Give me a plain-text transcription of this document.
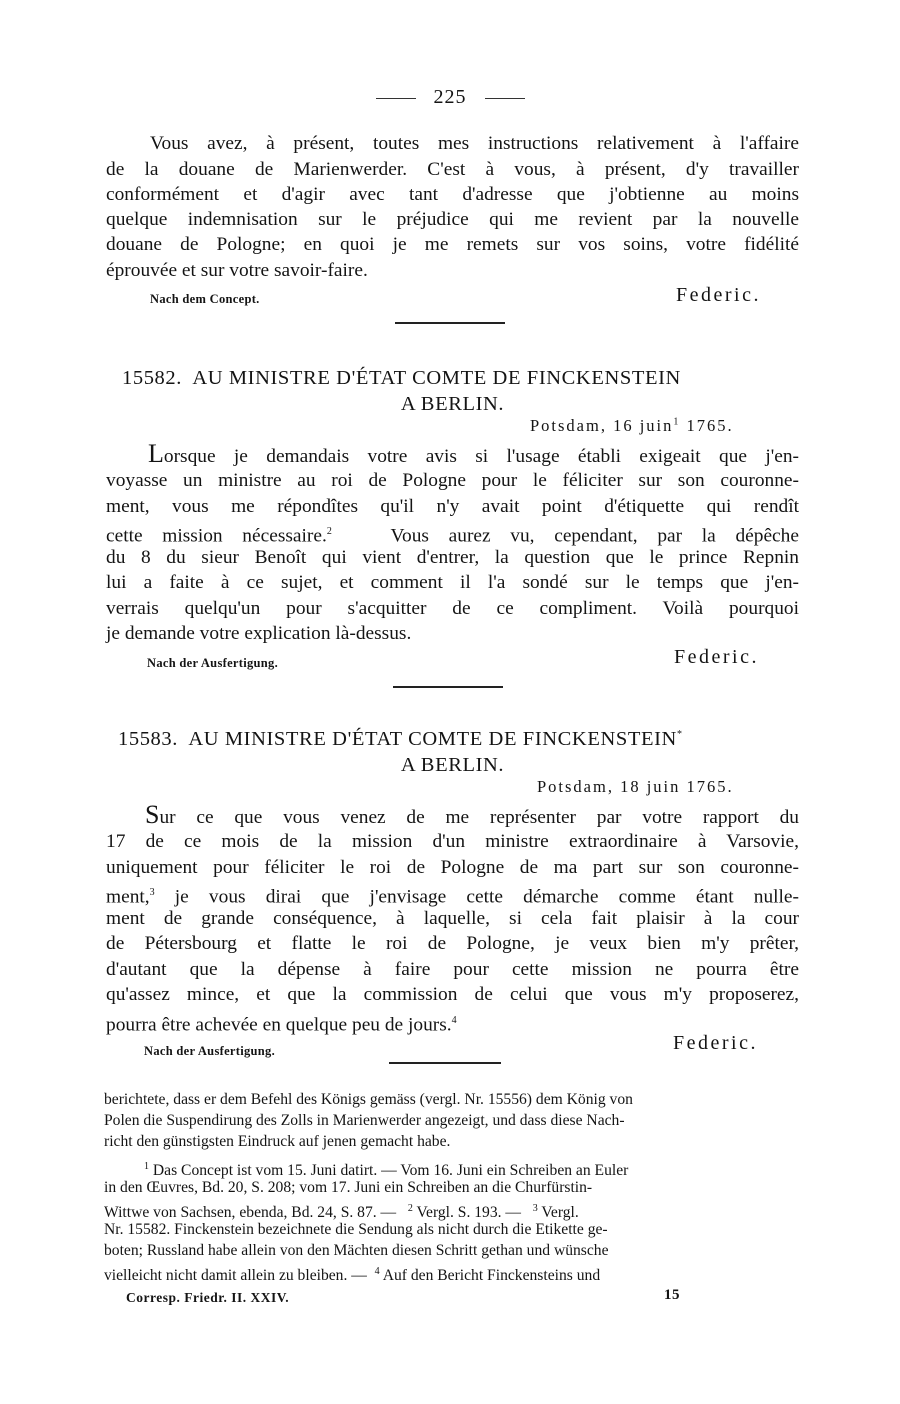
225
Vous avez, à présent, toutes mes instructions relativement à l'affaire
de la douane de Marienwerder. C'est à vous, à présent, d'y travailler
conformément et d'agir avec tant d'adresse que j'obtienne au moins
quelque indemnisation sur le préjudice qui me revient par la nouvelle
douane de Pologne; en quoi je me remets sur vos soins, votre fidélité
éprouvée et sur votre savoir-faire.
Nach dem Concept.	Federic.
15582. AU MINISTRE D'ÉTAT COMTE DE FINCKENSTEIN
A BERLIN.
Potsdam, 16 juin$^1$ 1765.
Lorsque je demandais votre avis si l'usage établi exigeait que j'en-
voyasse un ministre au roi de Pologne pour le féliciter sur son couronne-
ment, vous me répondîtes qu'il n'y avait point d'étiquette qui rendît
cette mission nécessaire.$^2$	Vous aurez vu, cependant, par la dépêche
du 8 du sieur Benoît qui vient d'entrer, la question que le prince Repnin
lui a faite à ce sujet, et comment il l'a sondé sur le temps que j'en-
verrais quelqu'un pour s'acquitter de ce compliment. Voilà pourquoi
je demande votre explication là-dessus.
Nach der Ausfertigung.	Federic.
15583. AU MINISTRE D'ÉTAT COMTE DE FINCKENSTEIN*
A BERLIN.
Potsdam, 18 juin 1765.
Sur ce que vous venez de me représenter par votre rapport du
17 de ce mois de la mission d'un ministre extraordinaire à Varsovie,
uniquement pour féliciter le roi de Pologne de ma part sur son couronne-
ment,$^3$ je vous dirai que j'envisage cette démarche comme étant nulle-
ment de grande conséquence, à laquelle, si cela fait plaisir à la cour
de Pétersbourg et flatte le roi de Pologne, je veux bien m'y prêter,
d'autant que la dépense à faire pour cette mission ne pourra être
qu'assez mince, et que la commission de celui que vous m'y proposerez,
pourra être achevée en quelque peu de jours.$^4$
Nach der Ausfertigung.	Federic.
berichtete, dass er dem Befehl des Königs gemäss (vergl. Nr. 15556) dem König von
Polen die Suspendirung des Zolls in Marienwerder angezeigt, und dass diese Nach-
richt den günstigsten Eindruck auf jenen gemacht habe.
$^1$ Das Concept ist vom 15. Juni datirt. — Vom 16. Juni ein Schreiben an Euler
in den Œuvres, Bd. 20, S. 208; vom 17. Juni ein Schreiben an die Churfürstin-
Wittwe von Sachsen, ebenda, Bd. 24, S. 87. — $^2$ Vergl. S. 193. — $^3$ Vergl.
Nr. 15582. Finckenstein bezeichnete die Sendung als nicht durch die Etikette ge-
boten; Russland habe allein von den Mächten diesen Schritt gethan und wünsche
vielleicht nicht damit allein zu bleiben. — $^4$ Auf den Bericht Finckensteins und
Corresp. Friedr. II. XXIV.	15
